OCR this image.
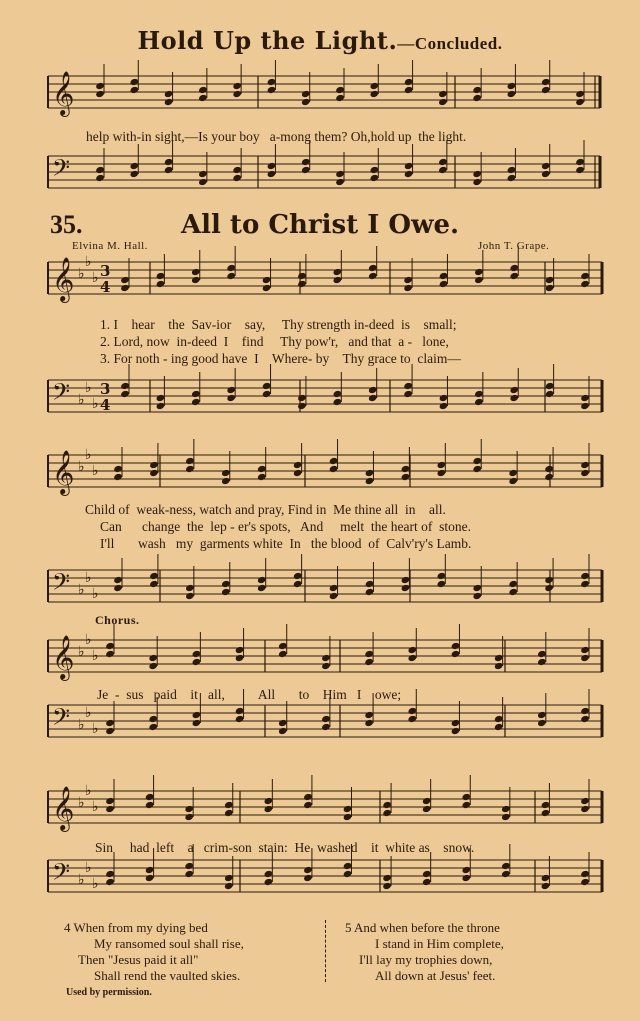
Hold Up the Light.—Concluded.
𝄞
𝄢
𝄞 ♭
♭
♭ 3
4
𝄢 ♭
♭
♭
3
4
𝄞 ♭
♭
♭
𝄢 ♭
♭
♭
𝄞 ♭
♭
♭
𝄢 ♭
♭
♭
𝄞 ♭
♭
♭
𝄢 ♭
♭
♭
help with-in sight,—Is your boy   a-mong them? Oh,hold up  the light.
35.	All to Christ I Owe.
Elvina M. Hall.	John T. Grape.
1. I    hear    the  Sav-ior    say,     Thy strength in-deed  is    small;
2. Lord, now  in-deed  I    find     Thy pow'r,   and that  a -   lone,
3. For noth - ing good have  I    Where- by    Thy grace to  claim—
Child of  weak-ness, watch and pray, Find in  Me thine all  in    all.
Can      change  the  lep - er's spots,   And     melt  the heart of  stone.
I'll       wash   my  garments white  In   the blood  of  Calv'ry's Lamb.
Chorus.
Je  -  sus   paid    it   all,          All       to    Him   I    owe;
Sin     had  left    a   crim-son  stain:  He  washed    it  white as    snow.
4 When from my dying bed
My ransomed soul shall rise,
Then "Jesus paid it all"
Shall rend the vaulted skies.
5 And when before the throne
I stand in Him complete,
I'll lay my trophies down,
All down at Jesus' feet.
Used by permission.
